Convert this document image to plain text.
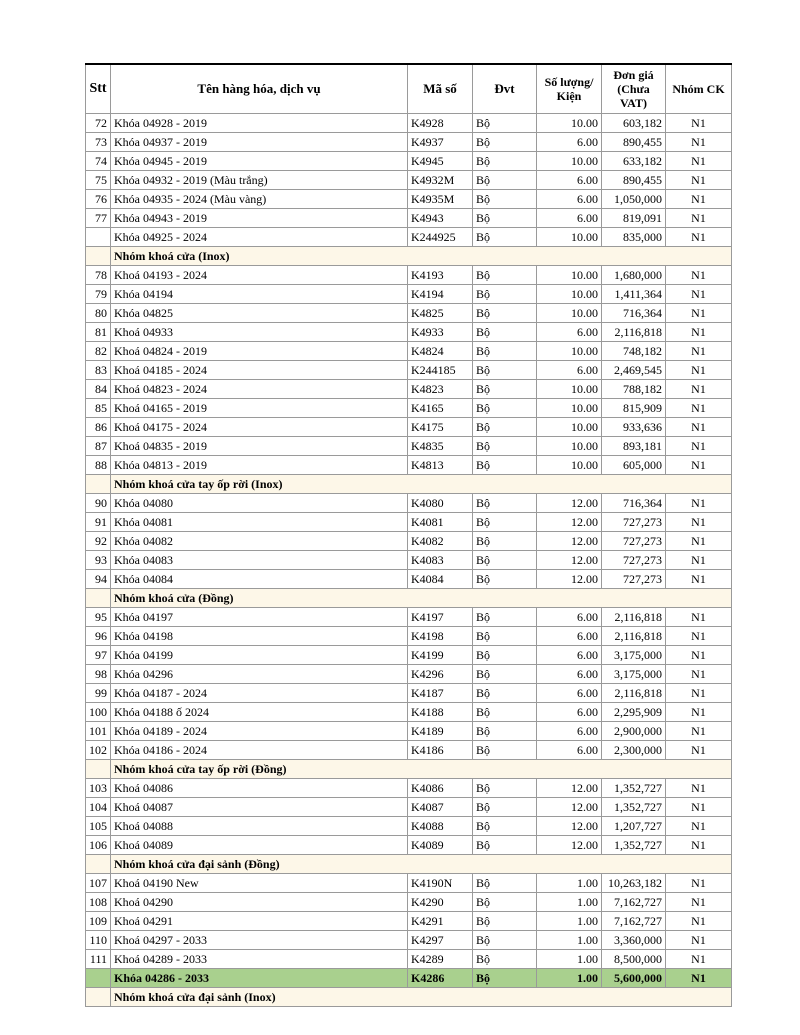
Stt	Tên hàng hóa, dịch vụ	Mã số	Đvt	Số lượng/ Kiện	Đơn giá (Chưa VAT)	Nhóm CK
72	Khóa 04928 - 2019	K4928	Bộ	10.00	603,182	N1
73	Khóa 04937 - 2019	K4937	Bộ	6.00	890,455	N1
74	Khóa 04945 - 2019	K4945	Bộ	10.00	633,182	N1
75	Khóa 04932 - 2019 (Màu trắng)	K4932M	Bộ	6.00	890,455	N1
76	Khóa 04935 - 2024 (Màu vàng)	K4935M	Bộ	6.00	1,050,000	N1
77	Khóa 04943 - 2019	K4943	Bộ	6.00	819,091	N1
	Khóa 04925 - 2024	K244925	Bộ	10.00	835,000	N1
	Nhóm khoá cửa (Inox)					
78	Khoá 04193 - 2024	K4193	Bộ	10.00	1,680,000	N1
79	Khóa 04194	K4194	Bộ	10.00	1,411,364	N1
80	Khóa 04825	K4825	Bộ	10.00	716,364	N1
81	Khoá 04933	K4933	Bộ	6.00	2,116,818	N1
82	Khoá 04824 - 2019	K4824	Bộ	10.00	748,182	N1
83	Khoá 04185 - 2024	K244185	Bộ	6.00	2,469,545	N1
84	Khoá 04823 - 2024	K4823	Bộ	10.00	788,182	N1
85	Khoá 04165 - 2019	K4165	Bộ	10.00	815,909	N1
86	Khoá 04175 - 2024	K4175	Bộ	10.00	933,636	N1
87	Khoá 04835 - 2019	K4835	Bộ	10.00	893,181	N1
88	Khóa 04813 - 2019	K4813	Bộ	10.00	605,000	N1
	Nhóm khoá cửa tay ốp rời (Inox)					
90	Khóa 04080	K4080	Bộ	12.00	716,364	N1
91	Khóa 04081	K4081	Bộ	12.00	727,273	N1
92	Khóa 04082	K4082	Bộ	12.00	727,273	N1
93	Khóa 04083	K4083	Bộ	12.00	727,273	N1
94	Khóa 04084	K4084	Bộ	12.00	727,273	N1
	Nhóm khoá cửa (Đồng)					
95	Khóa 04197	K4197	Bộ	6.00	2,116,818	N1
96	Khóa 04198	K4198	Bộ	6.00	2,116,818	N1
97	Khóa 04199	K4199	Bộ	6.00	3,175,000	N1
98	Khóa 04296	K4296	Bộ	6.00	3,175,000	N1
99	Khóa 04187 - 2024	K4187	Bộ	6.00	2,116,818	N1
100	Khóa 04188 ố 2024	K4188	Bộ	6.00	2,295,909	N1
101	Khóa 04189 - 2024	K4189	Bộ	6.00	2,900,000	N1
102	Khóa 04186 - 2024	K4186	Bộ	6.00	2,300,000	N1
	Nhóm khoá cửa tay ốp rời (Đồng)					
103	Khoá 04086	K4086	Bộ	12.00	1,352,727	N1
104	Khoá 04087	K4087	Bộ	12.00	1,352,727	N1
105	Khoá 04088	K4088	Bộ	12.00	1,207,727	N1
106	Khoá 04089	K4089	Bộ	12.00	1,352,727	N1
	Nhóm khoá cửa đại sảnh (Đồng)					
107	Khoá 04190 New	K4190N	Bộ	1.00	10,263,182	N1
108	Khoá 04290	K4290	Bộ	1.00	7,162,727	N1
109	Khoá 04291	K4291	Bộ	1.00	7,162,727	N1
110	Khoá 04297 - 2033	K4297	Bộ	1.00	3,360,000	N1
111	Khoá 04289 - 2033	K4289	Bộ	1.00	8,500,000	N1
	Khóa 04286 - 2033	K4286	Bộ	1.00	5,600,000	N1
	Nhóm khoá cửa đại sảnh (Inox)					
